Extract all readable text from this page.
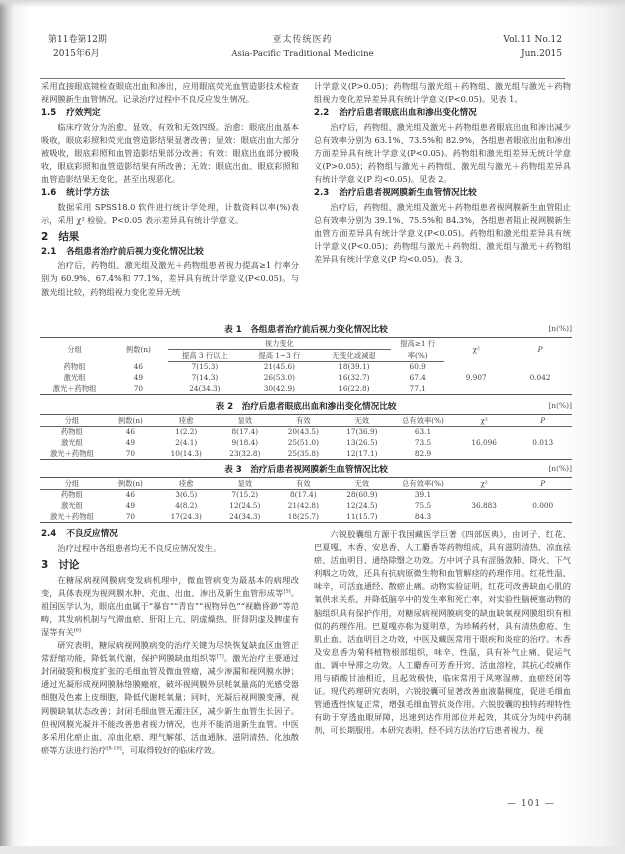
第11卷第12期
2015年6月
亚太传统医药
Asia-Pacific Traditional Medicine
Vol.11 No.12
Jun.2015

采用直接眼底镜检查眼底出血和渗出，应用眼底荧光血管造影技术检查视网膜新生血管情况。记录治疗过程中不良反应发生情况。

1.5 疗效判定

临床疗效分为治愈、显效、有效和无效四级。治愈：眼底出血基本吸收，眼底彩照和荧光血管造影结果显著改善；显效：眼底出血大部分被吸收，眼底彩照和血管造影结果部分改善；有效：眼底出血部分被吸收，眼底彩照和血管造影结果有所改善；无效：眼底出血、眼底彩照和血管造影结果无变化，甚至出现恶化。

1.6 统计学方法

数据采用 SPSS18.0 软件进行统计学处理，计数资料以率(%)表示，采用 χ² 检验。P<0.05 表示差异具有统计学意义。

2 结果
2.1 各组患者治疗前后视力变化情况比较

治疗后，药物组、激光组及激光＋药物组患者视力提高≥1 行率分别为 60.9%、67.4%和 77.1%，差异具有统计学意义(P<0.05)。与激光组比较，药物组视力变化差异无统

计学意义(P>0.05)；药物组与激光组＋药物组、激光组与激光＋药物组视力变化差异差异具有统计学意义(P<0.05)。见表 1。

2.2 治疗后患者眼底出血和渗出变化情况

治疗后，药物组、激光组及激光＋药物组患者眼底出血和渗出减少总有效率分别为 63.1%、73.5%和 82.9%，各组患者眼底出血和渗出方面差异具有统计学意义(P<0.05)。药物组和激光组差异无统计学意义(P>0.05)；药物组与激光＋药物组、激光组与激光＋药物组差异具有统计学意义(P 均<0.05)。见表 2。

2.3 治疗后患者视网膜新生血管情况比较

治疗后，药物组、激光组及激光＋药物组患者视网膜新生血管阻止总有效率分别为 39.1%、75.5%和 84.3%，各组患者阻止视网膜新生血管方面差异具有统计学意义(P<0.05)。药物组和激光组差异具有统计学意义(P<0.05)；药物组与激光＋药物组、激光组与激光＋药物组差异具有统计学意义(P 均<0.05)。表 3。

表 1　各组患者治疗前后视力变化情况比较	[n(%)]
分组	例数(n)	视力变化			提高≥1 行	χ²	P
		提高 3 行以上	提高 1~3 行	无变化或减退	率(%)		
药物组	46	7(15.3)	21(45.6)	18(39.1)	60.9	9.907	0.042
激光组	49	7(14.3)	26(53.0)	16(32.7)	67.4		
激光＋药物组	70	24(34.3)	30(42.9)	16(22.8)	77.1		
表 2　治疗后患者眼底出血和渗出变化情况比较	[n(%)]
分组	例数(n)	痊愈	显效	有效	无效	总有效率(%)	χ²	P
药物组	46	1(2.2)	8(17.4)	20(43.5)	17(36.9)	63.1	16.096	0.013
激光组	49	2(4.1)	9(18.4)	25(51.0)	13(26.5)	73.5		
激光＋药物组	70	10(14.3)	23(32.8)	25(35.8)	12(17.1)	82.9		
表 3　治疗后患者视网膜新生血管情况比较	[n(%)]
分组	例数(n)	痊愈	显效	有效	无效	总有效率(%)	χ²	P
药物组	46	3(6.5)	7(15.2)	8(17.4)	28(60.9)	39.1	36.883	0.000
激光组	49	4(8.2)	12(24.5)	21(42.8)	12(24.5)	75.5		
激光＋药物组	70	17(24.3)	24(34.3)	18(25.7)	11(15.7)	84.3		
2.4 不良反应情况

治疗过程中各组患者均无不良反应情况发生。

3 讨论

在糖尿病视网膜病变发病机理中，微血管病变为最基本的病理改变，具体表现为视网膜水肿、充血、出血、渗出及新生血管形成等[5]。祖国医学认为，眼底出血属于“暴盲”“青盲”“视物异色”“视瞻昏渺”等范畴，其发病机制与气滞血瘀、肝阳上亢、阴虚燥热、肝肾阴虚及脾虚有湿等有关[6]

研究表明，糖尿病视网膜病变的治疗关键为尽快恢复缺血区血管正常舒缩功能，降低氧代谢，保护网膜缺血组织等[7]。激光治疗主要通过封闭破裂和极度扩张的毛细血管及微血管瘤，减少渗漏和视网膜水肿；通过光凝形成视网膜脉络膜瘢痕，破坏视网膜外层耗氧量高的光感受器细胞及色素上皮细胞，降低代谢耗氧量；同时，光凝后视网膜变薄，视网膜缺氧状态改善；封闭毛细血管无灌注区，减少新生血管生长因子。但视网膜光凝并不能改善患者视力情况，也并不能消退新生血管。中医多采用化瘀止血、凉血化瘀、理气解郁、活血通脉、滋阴清热、化浊散瘀等方法进行治疗[8-10]，可取得较好的临床疗效。

六锐胶囊组方源于我国藏医学巨著《四部医典》，由诃子、红花、巴夏嘎、木香、安息香、人工麝香等药物组成，具有滋阴清热、凉血祛瘀、活血明目、通络除翳之功效。方中诃子具有涩肠敛肺、降火、下气利咽之功效，还具有抗病原微生物和血管解痉的药理作用。红花性温、味辛，可活血通经、散瘀止痛。动物实验证明，红花可改善缺血心肌的氧供求关系，并降低脑卒中的发生率和死亡率，对实验性脑梗塞动物的脑组织具有保护作用，对糖尿病视网膜病变的缺血缺氧视网膜组织有相似的药理作用。巴夏嘎亦称为夏明草，为珍稀药材，具有清热愈疮、生肌止血、活血明目之功效，中医及藏医常用于眼疾和炎症的治疗。木香及安息香为菊科植物根部组织，味辛、性温，具有补气止痛、促运气血、调中导滞之功效。人工麝香可芳香开窍、活血溶栓，其抗心绞痛作用与硝酸甘油相近，且起效极快，临床常用于风寒湿痹、血瘀经闭等证。现代药理研究表明，六锐胶囊可显著改善血液黏稠度，促进毛细血管通透性恢复正常，增强毛细血管抗炎作用。六锐胶囊的独特药理特性有助于穿透血眼屏障，迅速到达作用部位并起效，其成分为纯中药制剂，可长期服用。本研究表明，经不同方法治疗后患者视力、视

— 101 —
